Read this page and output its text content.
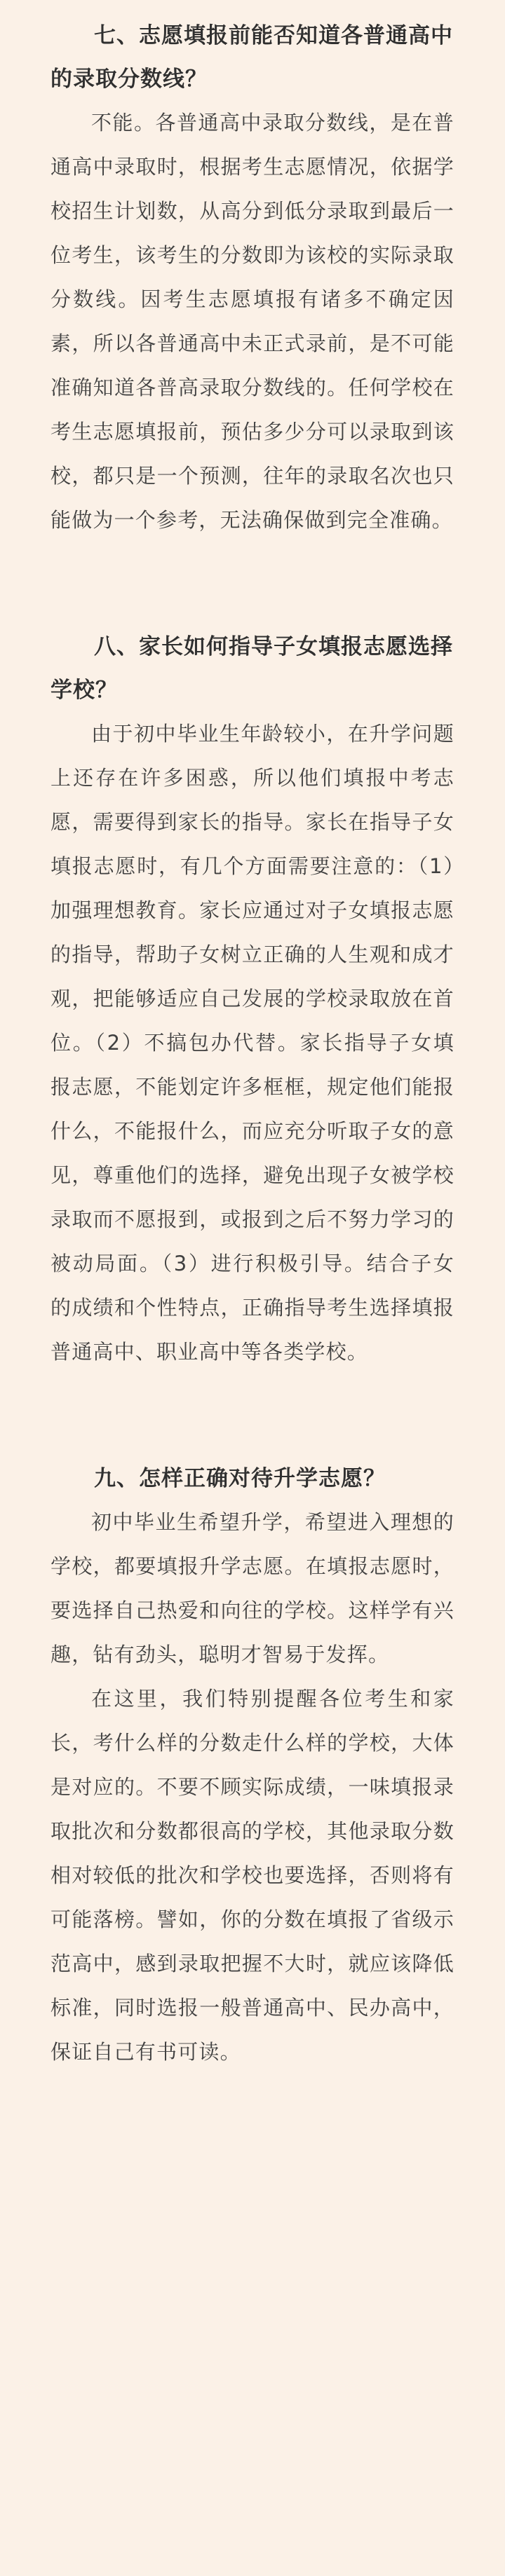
七、志愿填报前能否知道各普通高中的录取分数线？

不能。各普通高中录取分数线，是在普通高中录取时，根据考生志愿情况，依据学校招生计划数，从高分到低分录取到最后一位考生，该考生的分数即为该校的实际录取分数线。因考生志愿填报有诸多不确定因素，所以各普通高中未正式录前，是不可能准确知道各普高录取分数线的。任何学校在考生志愿填报前，预估多少分可以录取到该校，都只是一个预测，往年的录取名次也只能做为一个参考，无法确保做到完全准确。

八、家长如何指导子女填报志愿选择学校？

由于初中毕业生年龄较小，在升学问题上还存在许多困惑，所以他们填报中考志愿，需要得到家长的指导。家长在指导子女填报志愿时，有几个方面需要注意的：（1）加强理想教育。家长应通过对子女填报志愿的指导，帮助子女树立正确的人生观和成才观，把能够适应自己发展的学校录取放在首位。（2）不搞包办代替。家长指导子女填报志愿，不能划定许多框框，规定他们能报什么，不能报什么，而应充分听取子女的意见，尊重他们的选择，避免出现子女被学校录取而不愿报到，或报到之后不努力学习的被动局面。（3）进行积极引导。结合子女的成绩和个性特点，正确指导考生选择填报普通高中、职业高中等各类学校。

九、怎样正确对待升学志愿？

初中毕业生希望升学，希望进入理想的学校，都要填报升学志愿。在填报志愿时，要选择自己热爱和向往的学校。这样学有兴趣，钻有劲头，聪明才智易于发挥。

在这里，我们特别提醒各位考生和家长，考什么样的分数走什么样的学校，大体是对应的。不要不顾实际成绩，一味填报录取批次和分数都很高的学校，其他录取分数相对较低的批次和学校也要选择，否则将有可能落榜。譬如，你的分数在填报了省级示范高中，感到录取把握不大时，就应该降低标准，同时选报一般普通高中、民办高中，保证自己有书可读。
